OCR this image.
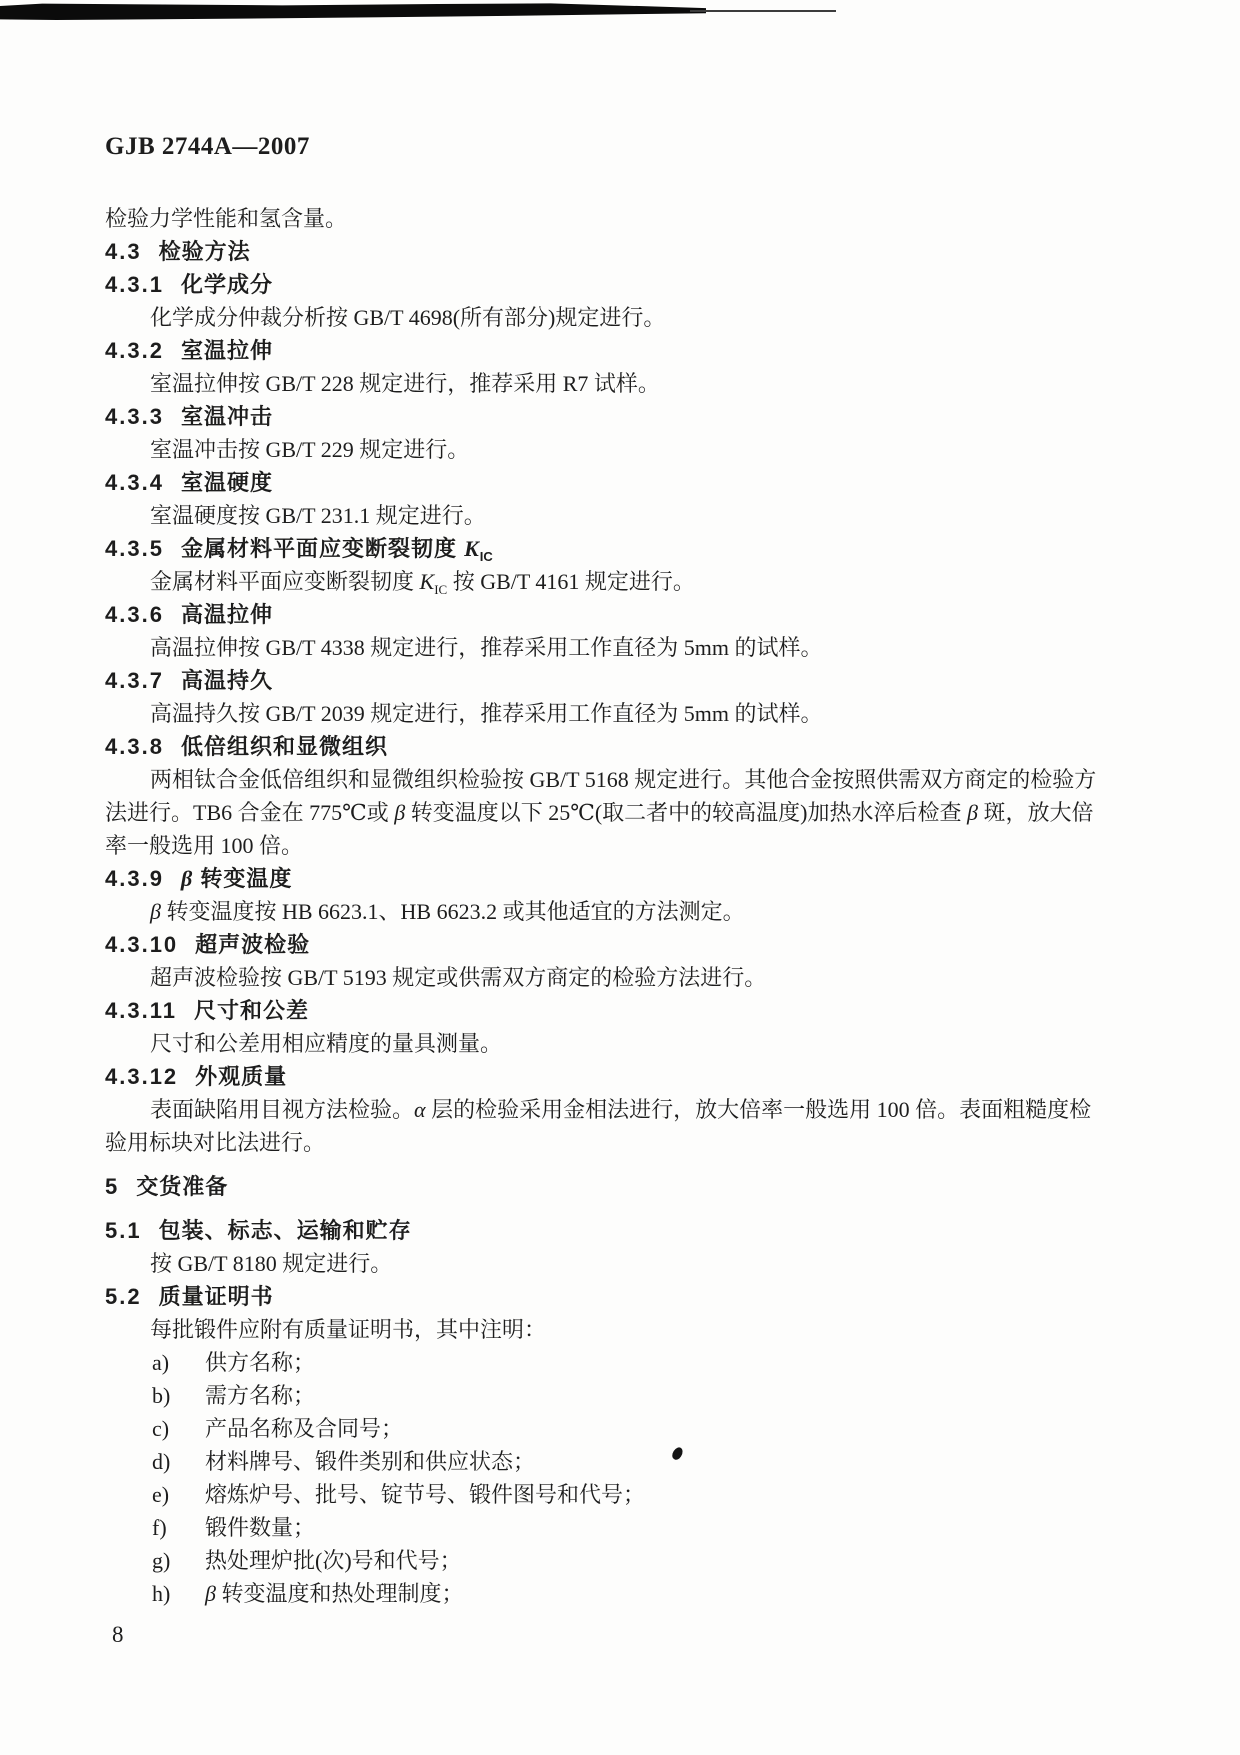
GJB 2744A—2007
检验力学性能和氢含量。
4.3 检验方法
4.3.1 化学成分
化学成分仲裁分析按 GB/T 4698(所有部分)规定进行。
4.3.2 室温拉伸
室温拉伸按 GB/T 228 规定进行，推荐采用 R7 试样。
4.3.3 室温冲击
室温冲击按 GB/T 229 规定进行。
4.3.4 室温硬度
室温硬度按 GB/T 231.1 规定进行。
4.3.5 金属材料平面应变断裂韧度 $K_{IC}$
金属材料平面应变断裂韧度 $K_{IC}$ 按 GB/T 4161 规定进行。
4.3.6 高温拉伸
高温拉伸按 GB/T 4338 规定进行，推荐采用工作直径为 5mm 的试样。
4.3.7 高温持久
高温持久按 GB/T 2039 规定进行，推荐采用工作直径为 5mm 的试样。
4.3.8 低倍组织和显微组织
两相钛合金低倍组织和显微组织检验按 GB/T 5168 规定进行。其他合金按照供需双方商定的检验方
法进行。TB6 合金在 775℃或 β 转变温度以下 25℃(取二者中的较高温度)加热水淬后检查 β 斑，放大倍
率一般选用 100 倍。
4.3.9 β 转变温度
β 转变温度按 HB 6623.1、HB 6623.2 或其他适宜的方法测定。
4.3.10 超声波检验
超声波检验按 GB/T 5193 规定或供需双方商定的检验方法进行。
4.3.11 尺寸和公差
尺寸和公差用相应精度的量具测量。
4.3.12 外观质量
表面缺陷用目视方法检验。α 层的检验采用金相法进行，放大倍率一般选用 100 倍。表面粗糙度检
验用标块对比法进行。
5 交货准备
5.1 包装、标志、运输和贮存
按 GB/T 8180 规定进行。
5.2 质量证明书
每批锻件应附有质量证明书，其中注明：
a) 供方名称；
b) 需方名称；
c) 产品名称及合同号；
d) 材料牌号、锻件类别和供应状态；
e) 熔炼炉号、批号、锭节号、锻件图号和代号；
f) 锻件数量；
g) 热处理炉批(次)号和代号；
h) β 转变温度和热处理制度；
8
